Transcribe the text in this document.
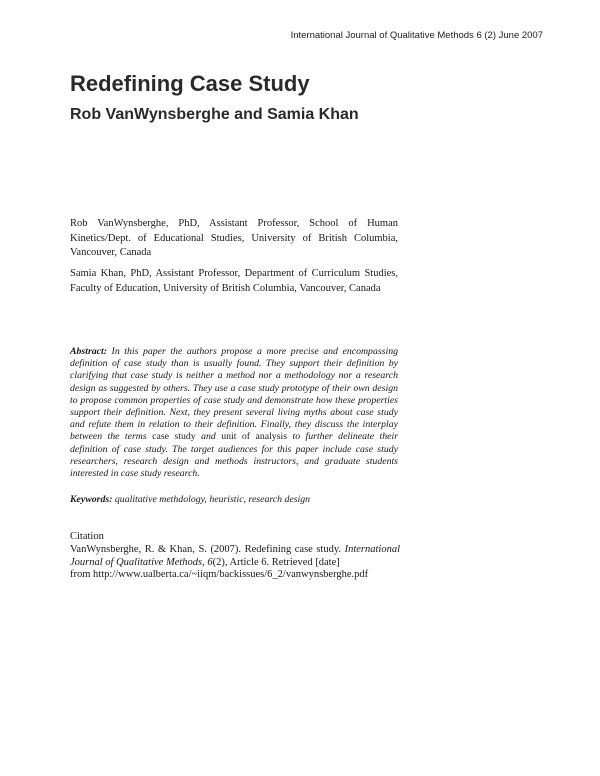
International Journal of Qualitative Methods 6 (2) June 2007
Redefining Case Study
Rob VanWynsberghe and Samia Khan
Rob VanWynsberghe, PhD, Assistant Professor, School of Human Kinetics/Dept. of Educational Studies, University of British Columbia, Vancouver, Canada
Samia Khan, PhD, Assistant Professor, Department of Curriculum Studies, Faculty of Education, University of British Columbia, Vancouver, Canada
Abstract: In this paper the authors propose a more precise and encompassing definition of case study than is usually found. They support their definition by clarifying that case study is neither a method nor a methodology nor a research design as suggested by others. They use a case study prototype of their own design to propose common properties of case study and demonstrate how these properties support their definition. Next, they present several living myths about case study and refute them in relation to their definition. Finally, they discuss the interplay between the terms case study and unit of analysis to further delineate their definition of case study. The target audiences for this paper include case study researchers, research design and methods instructors, and graduate students interested in case study research.
Keywords: qualitative methdology, heuristic, research design
Citation
VanWynsberghe, R. & Khan, S. (2007). Redefining case study. International Journal of Qualitative Methods, 6(2), Article 6. Retrieved [date]
from http://www.ualberta.ca/~iiqm/backissues/6_2/vanwynsberghe.pdf
